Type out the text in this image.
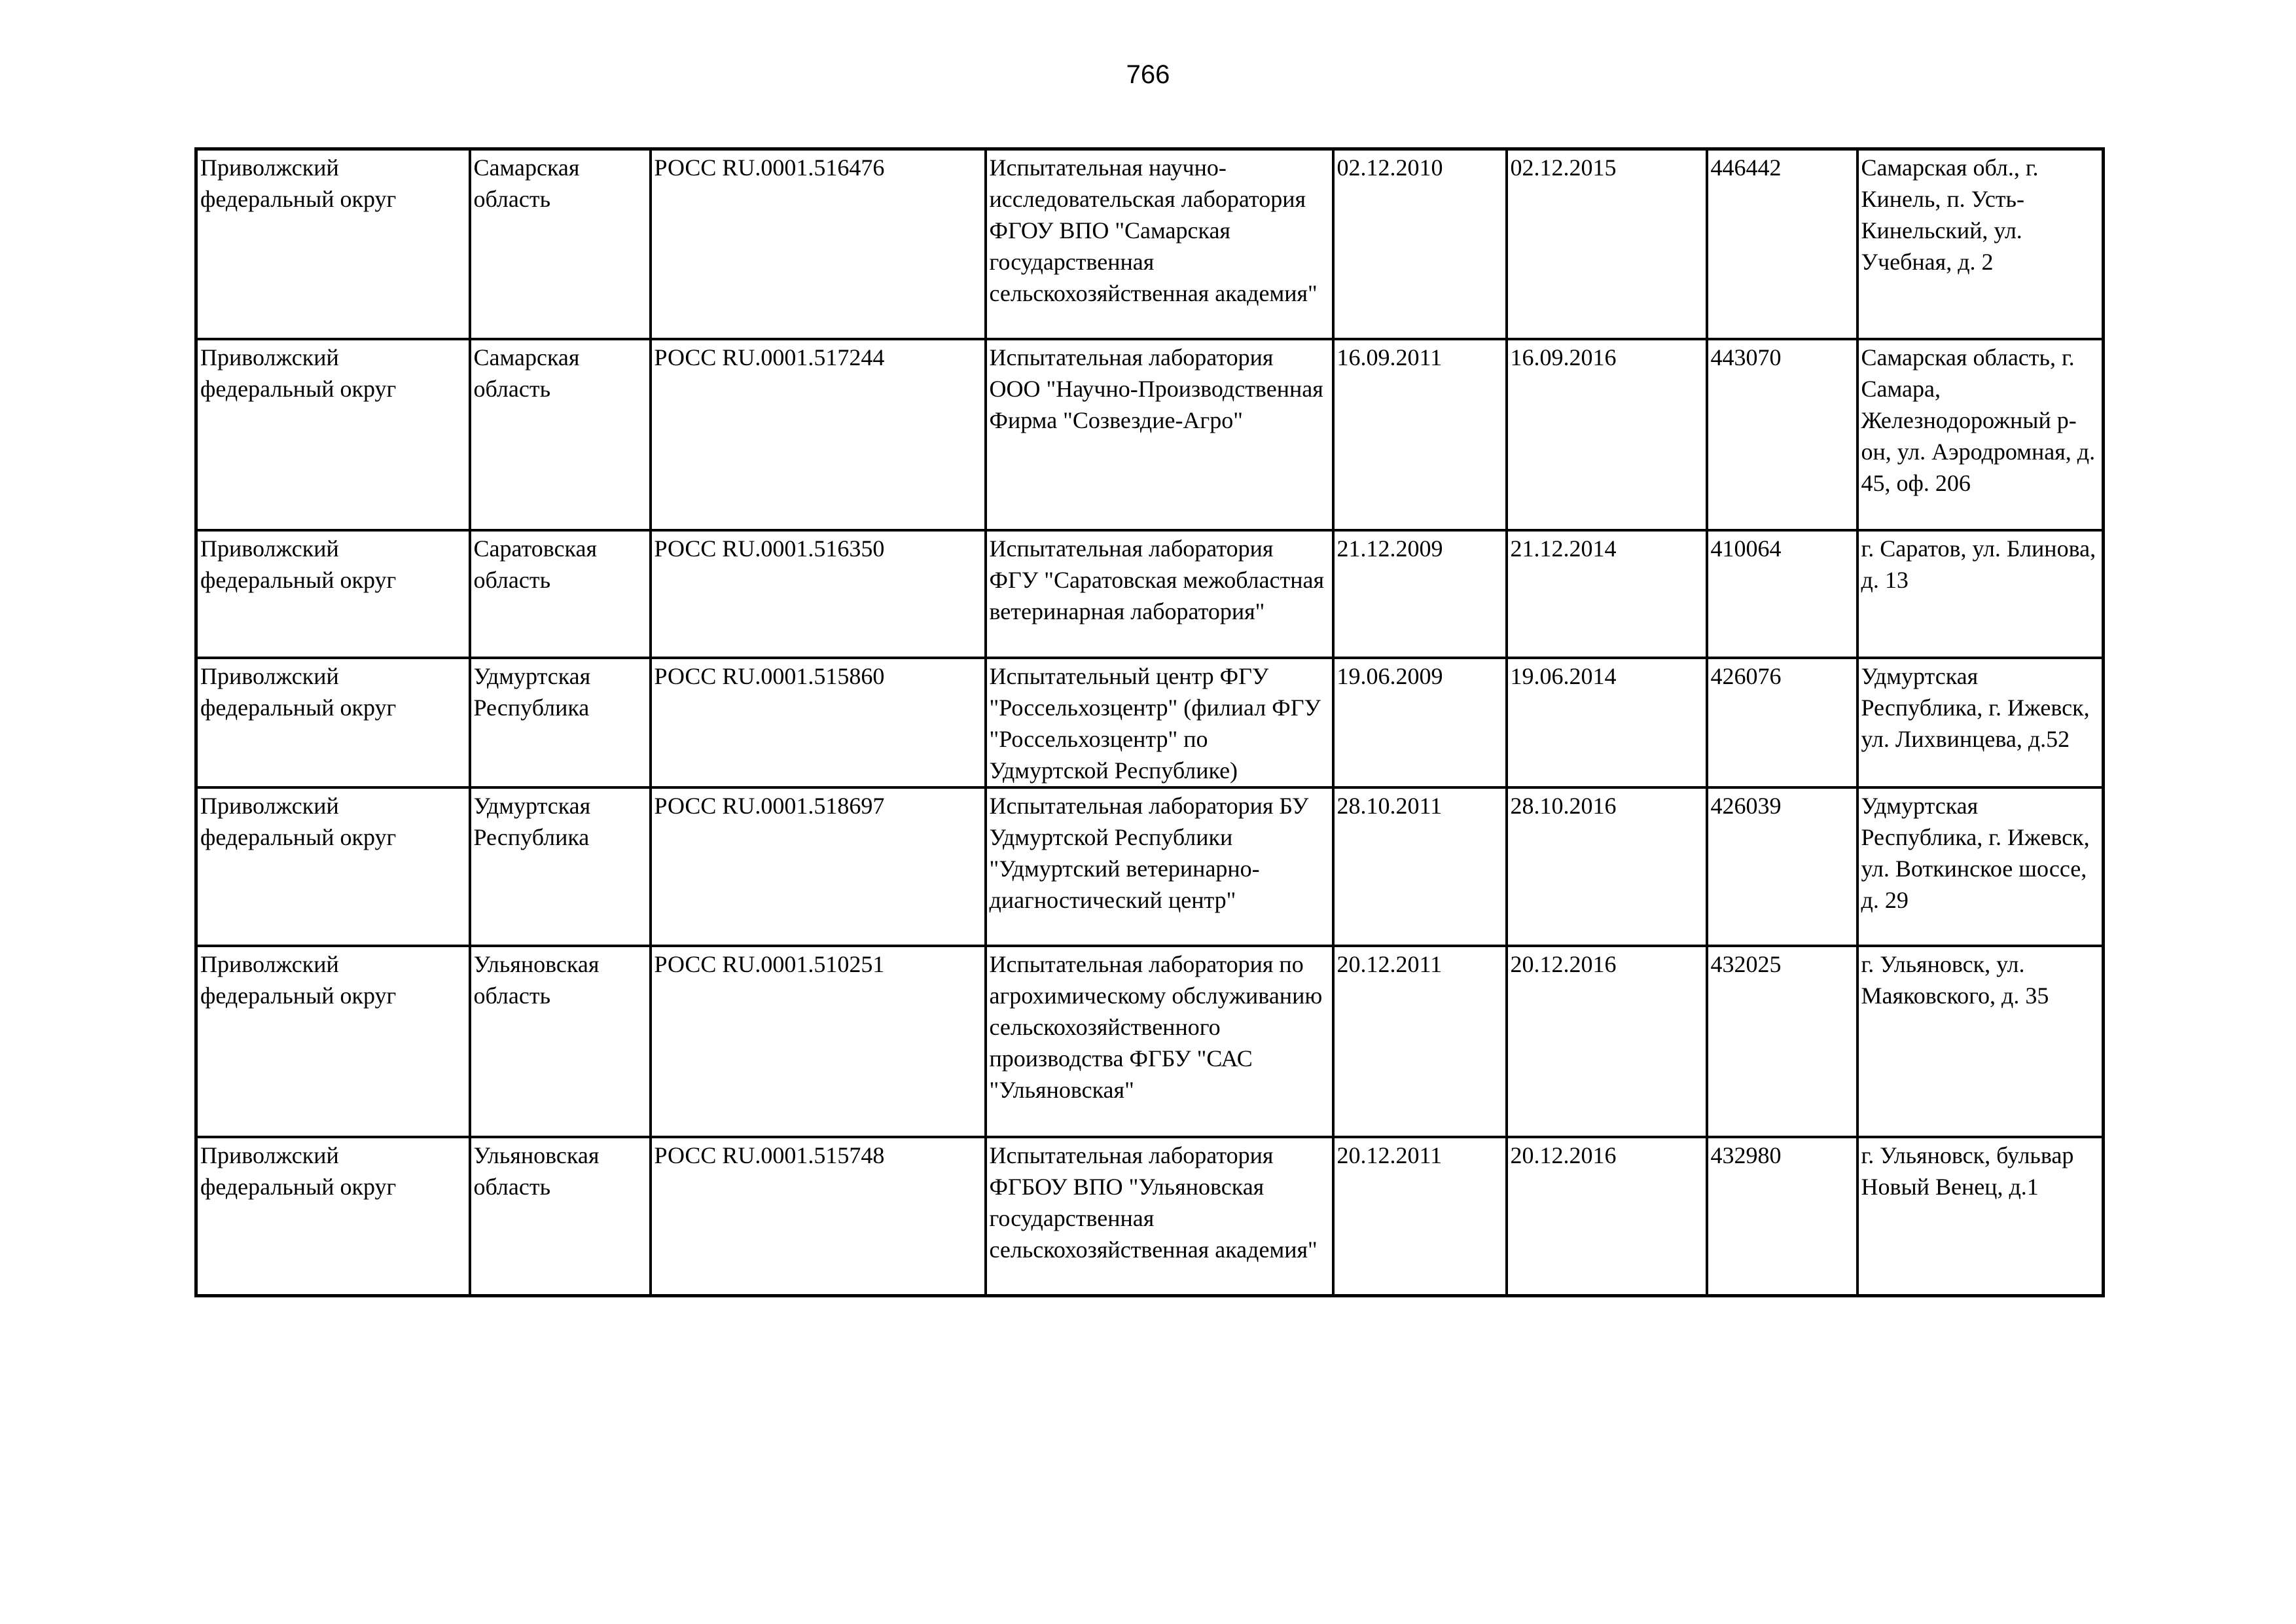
766
Приволжский федеральный округ	Самарская область	РОСС RU.0001.516476	Испытательная научно-исследовательская лаборатория ФГОУ ВПО "Самарская государственная сельскохозяйственная академия"	02.12.2010	02.12.2015	446442	Самарская обл., г. Кинель, п. Усть-Кинельский, ул. Учебная, д. 2
Приволжский федеральный округ	Самарская область	РОСС RU.0001.517244	Испытательная лаборатория ООО "Научно-Производственная Фирма "Созвездие-Агро"	16.09.2011	16.09.2016	443070	Самарская область, г. Самара, Железнодорожный р-он, ул. Аэродромная, д. 45, оф. 206
Приволжский федеральный округ	Саратовская область	РОСС RU.0001.516350	Испытательная лаборатория ФГУ "Саратовская межобластная ветеринарная лаборатория"	21.12.2009	21.12.2014	410064	г. Саратов, ул. Блинова, д. 13
Приволжский федеральный округ	Удмуртская Республика	РОСС RU.0001.515860	Испытательный центр ФГУ "Россельхозцентр" (филиал ФГУ "Россельхозцентр" по Удмуртской Республике)	19.06.2009	19.06.2014	426076	Удмуртская Республика, г. Ижевск, ул. Лихвинцева, д.52
Приволжский федеральный округ	Удмуртская Республика	РОСС RU.0001.518697	Испытательная лаборатория БУ Удмуртской Республики "Удмуртский ветеринарно-диагностический центр"	28.10.2011	28.10.2016	426039	Удмуртская Республика, г. Ижевск, ул. Воткинское шоссе, д. 29
Приволжский федеральный округ	Ульяновская область	РОСС RU.0001.510251	Испытательная лаборатория по агрохимическому обслуживанию сельскохозяйственного производства ФГБУ "САС "Ульяновская"	20.12.2011	20.12.2016	432025	г. Ульяновск, ул. Маяковского, д. 35
Приволжский федеральный округ	Ульяновская область	РОСС RU.0001.515748	Испытательная лаборатория ФГБОУ ВПО "Ульяновская государственная сельскохозяйственная академия"	20.12.2011	20.12.2016	432980	г. Ульяновск, бульвар Новый Венец, д.1
